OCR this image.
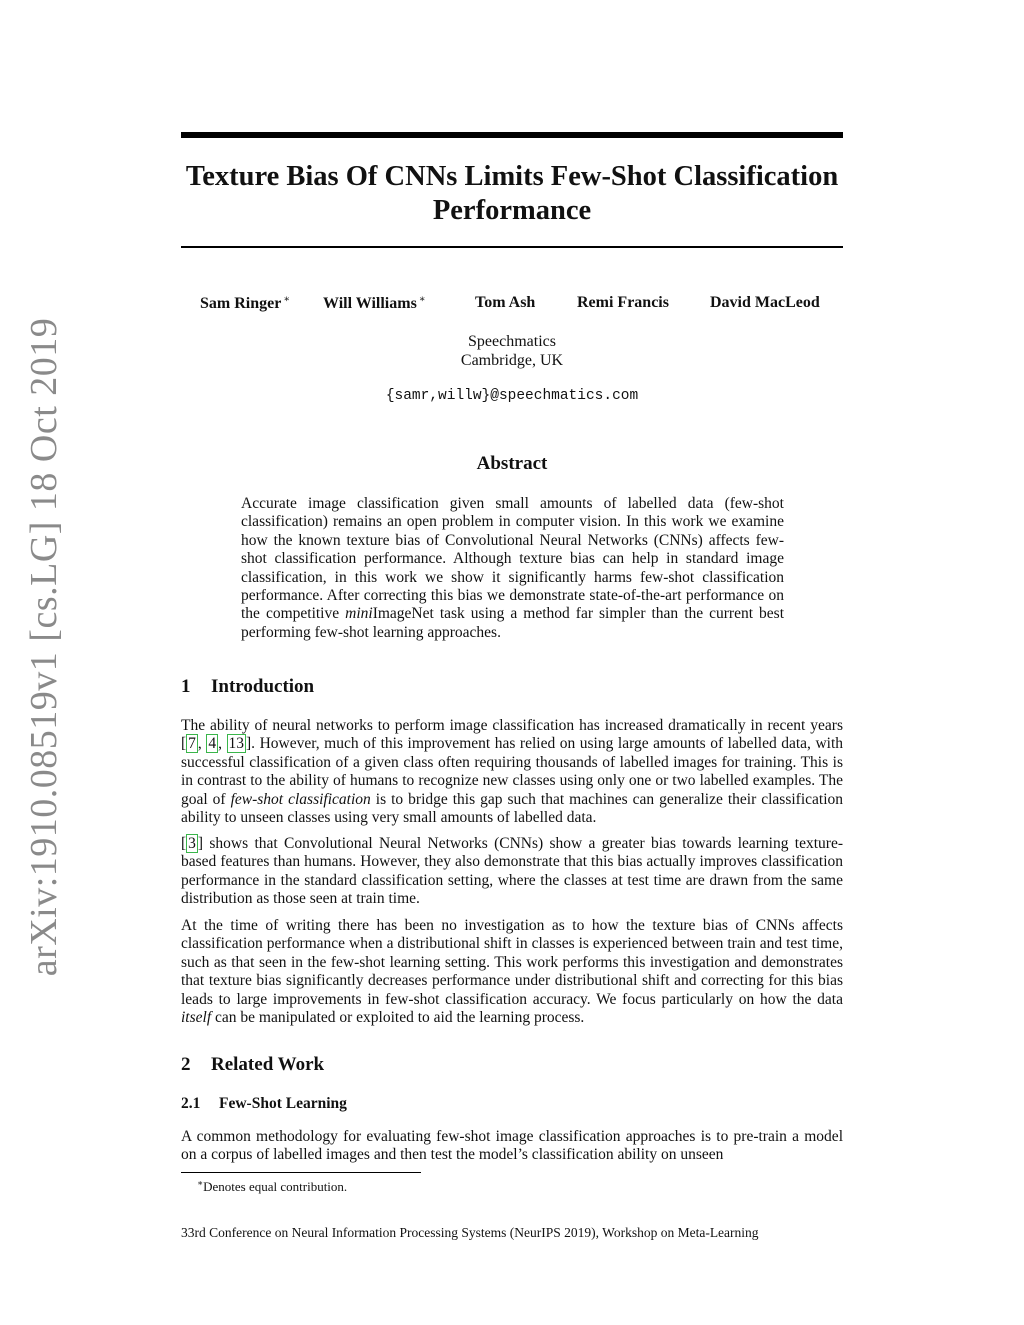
arXiv:1910.08519v1 [cs.LG] 18 Oct 2019
Texture Bias Of CNNs Limits Few-Shot Classification
Performance
Sam Ringer ∗ Will Williams ∗	Tom Ash	Remi Francis	David MacLeod
Speechmatics
Cambridge, UK
{samr,willw}@speechmatics.com
Abstract

Accurate image classification given small amounts of labelled data (few-shot classification) remains an open problem in computer vision. In this work we examine how the known texture bias of Convolutional Neural Networks (CNNs) affects few-shot classification performance. Although texture bias can help in standard image classification, in this work we show it significantly harms few-shot classification performance. After correcting this bias we demonstrate state-of-the-art performance on the competitive miniImageNet task using a method far simpler than the current best performing few-shot learning approaches.

1 Introduction

The ability of neural networks to perform image classification has increased dramatically in recent years [ 7 , 4 , 13 ]. However, much of this improvement has relied on using large amounts of labelled data, with successful classification of a given class often requiring thousands of labelled images for training. This is in contrast to the ability of humans to recognize new classes using only one or two labelled examples. The goal of few-shot classification is to bridge this gap such that machines can generalize their classification ability to unseen classes using very small amounts of labelled data.

[ 3 ] shows that Convolutional Neural Networks (CNNs) show a greater bias towards learning texture-based features than humans. However, they also demonstrate that this bias actually improves classification performance in the standard classification setting, where the classes at test time are drawn from the same distribution as those seen at train time.

At the time of writing there has been no investigation as to how the texture bias of CNNs affects classification performance when a distributional shift in classes is experienced between train and test time, such as that seen in the few-shot learning setting. This work performs this investigation and demonstrates that texture bias significantly decreases performance under distributional shift and correcting for this bias leads to large improvements in few-shot classification accuracy. We focus particularly on how the data itself can be manipulated or exploited to aid the learning process.

2 Related Work
2.1 Few-Shot Learning

A common methodology for evaluating few-shot image classification approaches is to pre-train a model on a corpus of labelled images and then test the model’s classification ability on unseen

∗Denotes equal contribution.
33rd Conference on Neural Information Processing Systems (NeurIPS 2019), Workshop on Meta-Learning
